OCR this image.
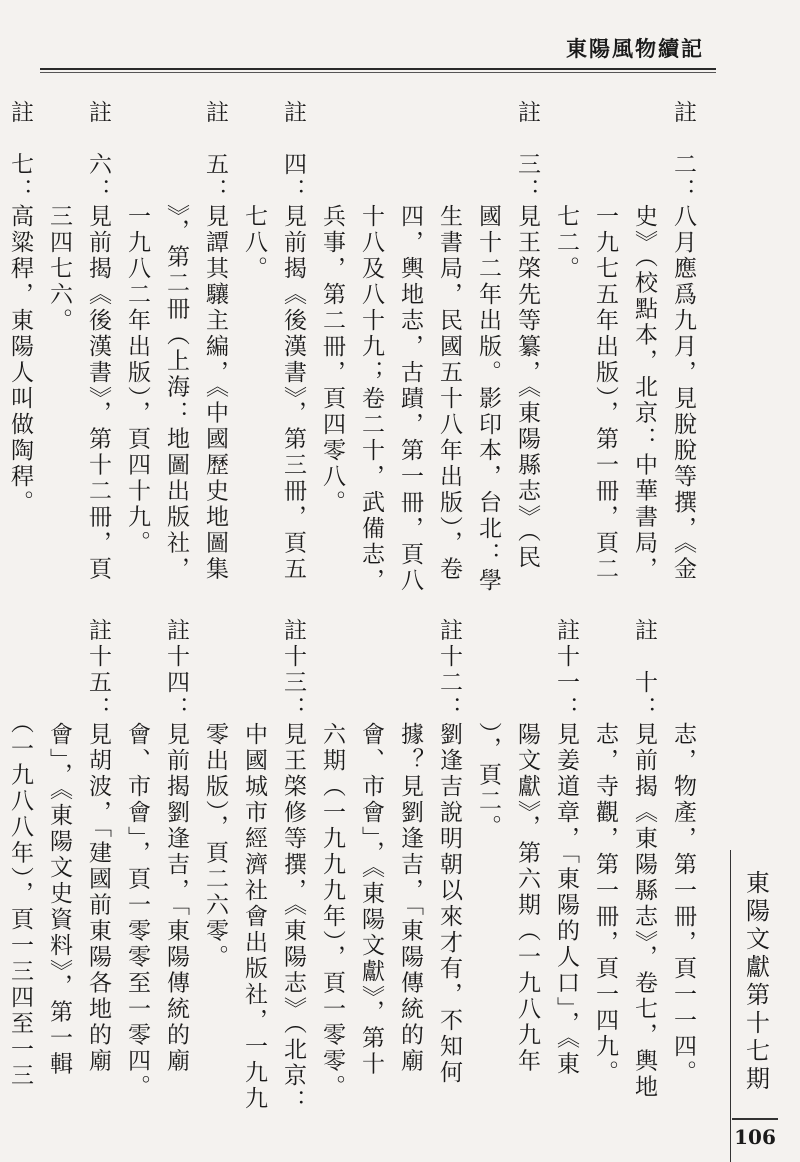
東陽風物續記
註　二：八月應爲九月，見脫脫等撰，《金
　　　　史》（校點本，北京：中華書局，
　　　　一九七五年出版），第一冊，頁二
　　　　七二。
註　三：見王棨先等纂，《東陽縣志》（民
　　　　國十二年出版。影印本，台北：學
　　　　生書局，民國五十八年出版），卷
　　　　四，輿地志，古蹟，第一冊，頁八
　　　　十八及八十九；卷二十，武備志，
　　　　兵事，第二冊，頁四零八。
註　四：見前揭《後漢書》，第三冊，頁五
　　　　七八。
註　五：見譚其驤主編，《中國歷史地圖集
　　　　》，第二冊（上海：地圖出版社，
　　　　一九八二年出版），頁四十九。
註　六：見前揭《後漢書》，第十二冊，頁
　　　　三四七六。
註　七：高粱稈，東陽人叫做陶稈。
　　　　志，物產，第一冊，頁一一四。
註　十：見前揭《東陽縣志》，卷七，輿地
　　　　志，寺觀，第一冊，頁一四九。
註十一：見姜道章，「東陽的人口」，《東
　　　　陽文獻》，第六期（一九八九年
　　　　），頁二。
註十二：劉逢吉說明朝以來才有，不知何
　　　　據？見劉逢吉，「東陽傳統的廟
　　　　會、市會」，《東陽文獻》，第十
　　　　六期（一九九九年），頁一零零。
註十三：見王棨修等撰，《東陽志》（北京：
　　　　中國城市經濟社會出版社，一九九
　　　　零出版），頁二六零。
註十四：見前揭劉逢吉，「東陽傳統的廟
　　　　會、市會」，頁一零零至一零四。
註十五：見胡波，「建國前東陽各地的廟
　　　　會」，《東陽文史資料》，第一輯
　　　　（一九八八年），頁一三四至一三	東陽文獻第十七期
106
